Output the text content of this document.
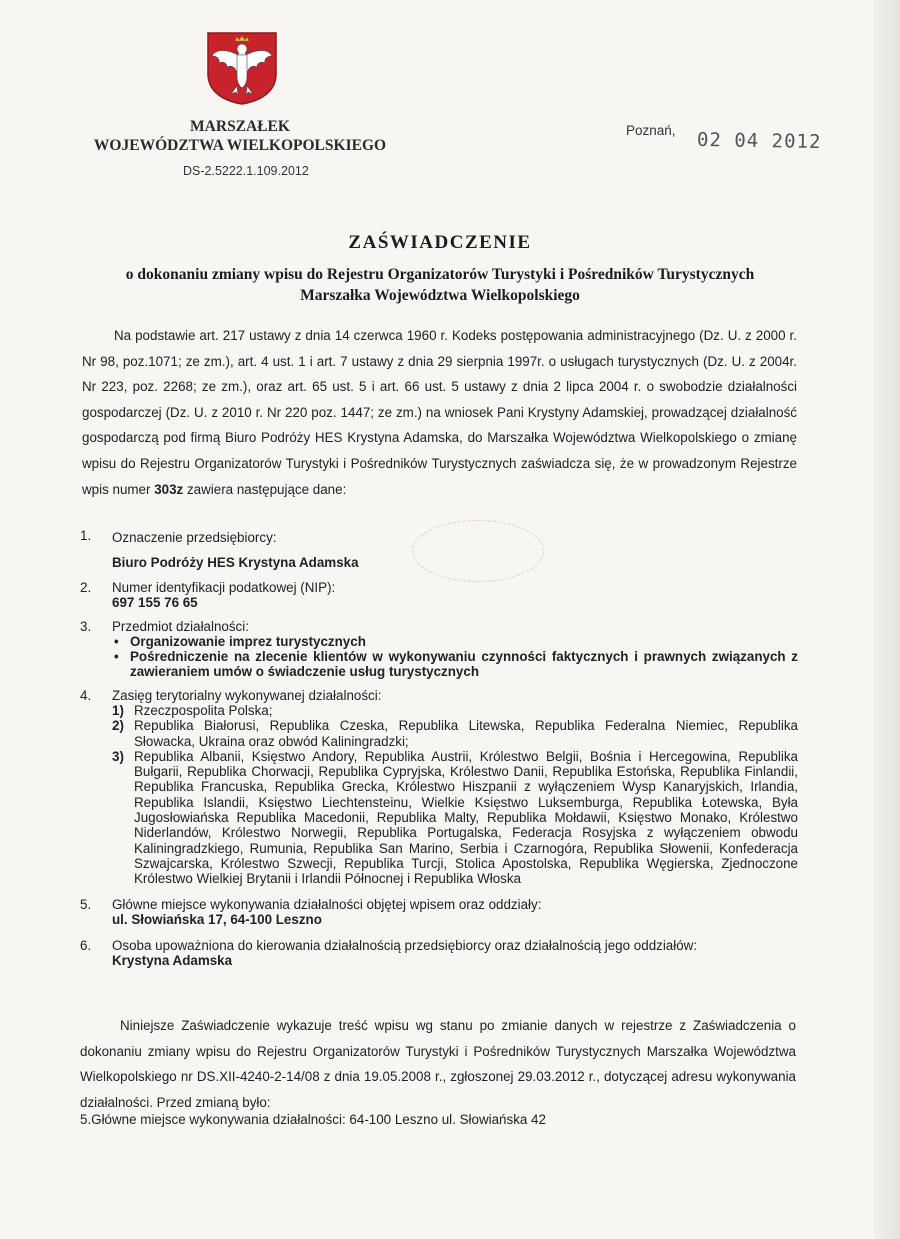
MARSZAŁEK
WOJEWÓDZTWA WIELKOPOLSKIEGO
DS-2.5222.1.109.2012
Poznań, 02 04 2012
ZAŚWIADCZENIE
o dokonaniu zmiany wpisu do Rejestru Organizatorów Turystyki i Pośredników Turystycznych Marszałka Województwa Wielkopolskiego
Na podstawie art. 217 ustawy z dnia 14 czerwca 1960 r. Kodeks postępowania administracyjnego (Dz. U. z 2000 r. Nr 98, poz.1071; ze zm.), art. 4 ust. 1 i art. 7 ustawy z dnia 29 sierpnia 1997r. o usługach turystycznych (Dz. U. z 2004r. Nr 223, poz. 2268; ze zm.), oraz art. 65 ust. 5 i art. 66 ust. 5 ustawy z dnia 2 lipca 2004 r. o swobodzie działalności gospodarczej (Dz. U. z 2010 r. Nr 220 poz. 1447; ze zm.) na wniosek Pani Krystyny Adamskiej, prowadzącej działalność gospodarczą pod firmą Biuro Podróży HES Krystyna Adamska, do Marszałka Województwa Wielkopolskiego o zmianę wpisu do Rejestru Organizatorów Turystyki i Pośredników Turystycznych zaświadcza się, że w prowadzonym Rejestrze wpis numer 303z zawiera następujące dane:
1. Oznaczenie przedsiębiorcy:
Biuro Podróży HES Krystyna Adamska
2. Numer identyfikacji podatkowej (NIP):
697 155 76 65
3. Przedmiot działalności:
• Organizowanie imprez turystycznych
• Pośredniczenie na zlecenie klientów w wykonywaniu czynności faktycznych i prawnych związanych z zawieraniem umów o świadczenie usług turystycznych
4. Zasięg terytorialny wykonywanej działalności:
1) Rzeczpospolita Polska;
2) Republika Białorusi, Republika Czeska, Republika Litewska, Republika Federalna Niemiec, Republika Słowacka, Ukraina oraz obwód Kaliningradzki;
3) Republika Albanii, Księstwo Andory, Republika Austrii, Królestwo Belgii, Bośnia i Hercegowina, Republika Bułgarii, Republika Chorwacji, Republika Cypryjska, Królestwo Danii, Republika Estońska, Republika Finlandii, Republika Francuska, Republika Grecka, Królestwo Hiszpanii z wyłączeniem Wysp Kanaryjskich, Irlandia, Republika Islandii, Księstwo Liechtensteinu, Wielkie Księstwo Luksemburga, Republika Łotewska, Była Jugosłowiańska Republika Macedonii, Republika Malty, Republika Mołdawii, Księstwo Monako, Królestwo Niderlandów, Królestwo Norwegii, Republika Portugalska, Federacja Rosyjska z wyłączeniem obwodu Kaliningradzkiego, Rumunia, Republika San Marino, Serbia i Czarnogóra, Republika Słowenii, Konfederacja Szwajcarska, Królestwo Szwecji, Republika Turcji, Stolica Apostolska, Republika Węgierska, Zjednoczone Królestwo Wielkiej Brytanii i Irlandii Północnej i Republika Włoska
5. Główne miejsce wykonywania działalności objętej wpisem oraz oddziały:
ul. Słowiańska 17, 64-100 Leszno
6. Osoba upoważniona do kierowania działalnością przedsiębiorcy oraz działalnością jego oddziałów:
Krystyna Adamska
Niniejsze Zaświadczenie wykazuje treść wpisu wg stanu po zmianie danych w rejestrze z Zaświadczenia o dokonaniu zmiany wpisu do Rejestru Organizatorów Turystyki i Pośredników Turystycznych Marszałka Województwa Wielkopolskiego nr DS.XII-4240-2-14/08 z dnia 19.05.2008 r., zgłoszonej 29.03.2012 r., dotyczącej adresu wykonywania działalności. Przed zmianą było:
5.Główne miejsce wykonywania działalności: 64-100 Leszno ul. Słowiańska 42
